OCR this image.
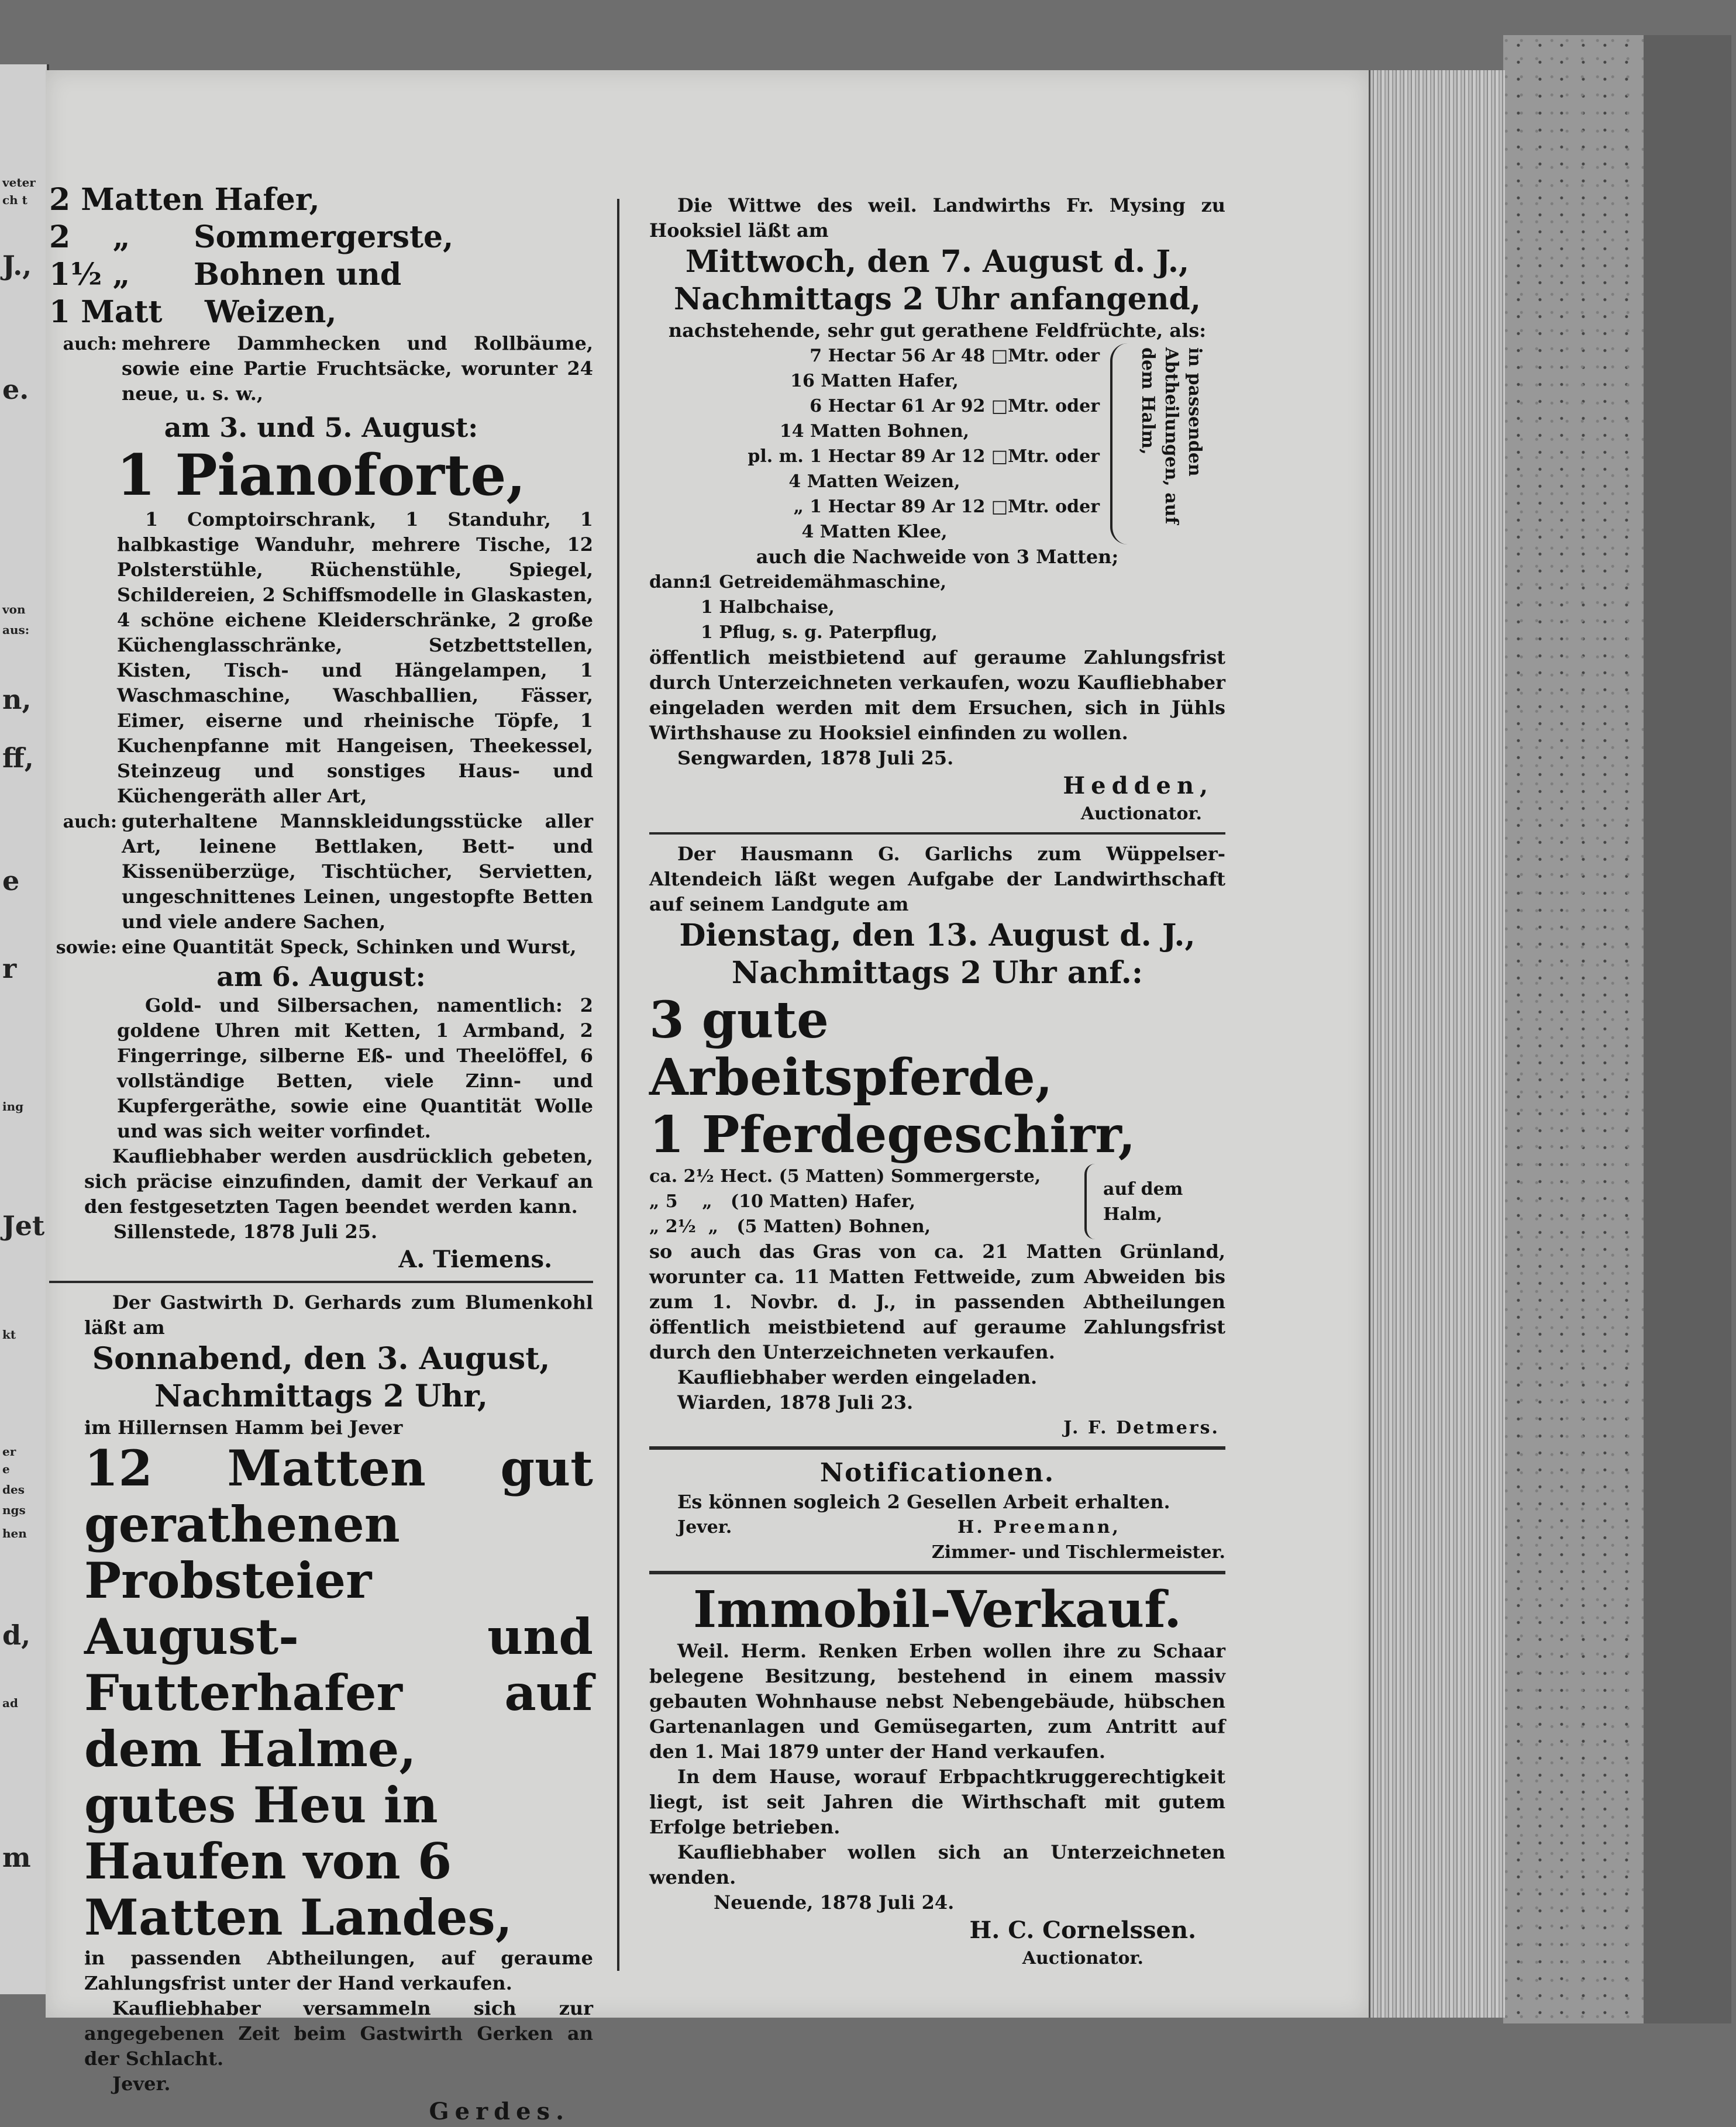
veter
ch t
J.,
e.
von
aus:
n,
ff,
e
r
ing
Jet
kt
er
e
des
ngs
hen
d,
ad
m
2 Matten Hafer,
2    „      Sommergerste,
1½ „      Bohnen und
1 Matt    Weizen,
auch: mehrere Dammhecken und Rollbäume, sowie eine Partie Fruchtsäcke, worunter 24 neue, u. s. w.,

am 3. und 5. August:
1 Pianoforte,

1 Comptoirschrank, 1 Standuhr, 1 halbkastige Wanduhr, mehrere Tische, 12 Polsterstühle, Rüchenstühle, Spiegel, Schildereien, 2 Schiffsmodelle in Glaskasten, 4 schöne eichene Kleiderschränke, 2 große Küchenglasschränke, Setzbettstellen, Kisten, Tisch- und Hängelampen, 1 Waschmaschine, Waschballien, Fässer, Eimer, eiserne und rheinische Töpfe, 1 Kuchenpfanne mit Hangeisen, Theekessel, Steinzeug und sonstiges Haus- und Küchengeräth aller Art,

auch: guterhaltene Mannskleidungsstücke aller Art, leinene Bettlaken, Bett- und Kissenüberzüge, Tischtücher, Servietten, ungeschnittenes Leinen, ungestopfte Betten und viele andere Sachen,

sowie: eine Quantität Speck, Schinken und Wurst,

am 6. August:

Gold- und Silbersachen, namentlich: 2 goldene Uhren mit Ketten, 1 Armband, 2 Fingerringe, silberne Eß- und Theelöffel, 6 vollständige Betten, viele Zinn- und Kupfergeräthe, sowie eine Quantität Wolle und was sich weiter vorfindet.

Kaufliebhaber werden ausdrücklich gebeten, sich präcise einzufinden, damit der Verkauf an den festgesetzten Tagen beendet werden kann.

Sillenstede, 1878 Juli 25.

A. Tiemens.

Der Gastwirth D. Gerhards zum Blumenkohl läßt am

Sonnabend, den 3. August,
Nachmittags 2 Uhr,

im Hillernsen Hamm bei Jever

12 Matten gut gerathenen Probsteier August- und Futterhafer auf dem Halme,
gutes Heu in Haufen von 6 Matten Landes,

in passenden Abtheilungen, auf geraume Zahlungsfrist unter der Hand verkaufen.

Kaufliebhaber versammeln sich zur angegebenen Zeit beim Gastwirth Gerken an der Schlacht.

Jever.

Gerdes.

Die Wittwe des weil. Landwirths Fr. Mysing zu Hooksiel läßt am

Mittwoch, den 7. August d. J.,
Nachmittags 2 Uhr anfangend,

nachstehende, sehr gut gerathene Feldfrüchte, als:

7 Hectar 56 Ar 48 □Mtr. oder
16 Matten Hafer,
6 Hectar 61 Ar 92 □Mtr. oder
14 Matten Bohnen,
pl. m. 1 Hectar 89 Ar 12 □Mtr. oder
4 Matten Weizen,
„ 1 Hectar 89 Ar 12 □Mtr. oder
4 Matten Klee,
in passenden
Abtheilungen, auf
dem Halm,

auch die Nachweide von 3 Matten;

dann:
1 Getreidemähmaschine,
1 Halbchaise,
1 Pflug, s. g. Paterpflug,

öffentlich meistbietend auf geraume Zahlungsfrist durch Unterzeichneten verkaufen, wozu Kaufliebhaber eingeladen werden mit dem Ersuchen, sich in Jühls Wirthshause zu Hooksiel einfinden zu wollen.

Sengwarden, 1878 Juli 25.

Hedden,
Auctionator.

Der Hausmann G. Garlichs zum Wüppelser-Altendeich läßt wegen Aufgabe der Landwirthschaft auf seinem Landgute am

Dienstag, den 13. August d. J.,
Nachmittags 2 Uhr anf.:
3 gute Arbeitspferde,
1 Pferdegeschirr,
ca. 2½ Hect. (5 Matten) Sommergerste,
„ 5    „   (10 Matten) Hafer,
„ 2½  „   (5 Matten) Bohnen,
auf dem Halm,

so auch das Gras von ca. 21 Matten Grünland, worunter ca. 11 Matten Fettweide, zum Abweiden bis zum 1. Novbr. d. J., in passenden Abtheilungen öffentlich meistbietend auf geraume Zahlungsfrist durch den Unterzeichneten verkaufen.

Kaufliebhaber werden eingeladen.

Wiarden, 1878 Juli 23.

J. F. Detmers.
Notificationen.

Es können sogleich 2 Gesellen Arbeit erhalten.

Jever.	H. Preemann,
Zimmer- und Tischlermeister.
Immobil-Verkauf.

Weil. Herm. Renken Erben wollen ihre zu Schaar belegene Besitzung, bestehend in einem massiv gebauten Wohnhause nebst Nebengebäude, hübschen Gartenanlagen und Gemüsegarten, zum Antritt auf den 1. Mai 1879 unter der Hand verkaufen.

In dem Hause, worauf Erbpachtkruggerechtigkeit liegt, ist seit Jahren die Wirthschaft mit gutem Erfolge betrieben.

Kaufliebhaber wollen sich an Unterzeichneten wenden.

Neuende, 1878 Juli 24.

H. C. Cornelssen.
Auctionator.
